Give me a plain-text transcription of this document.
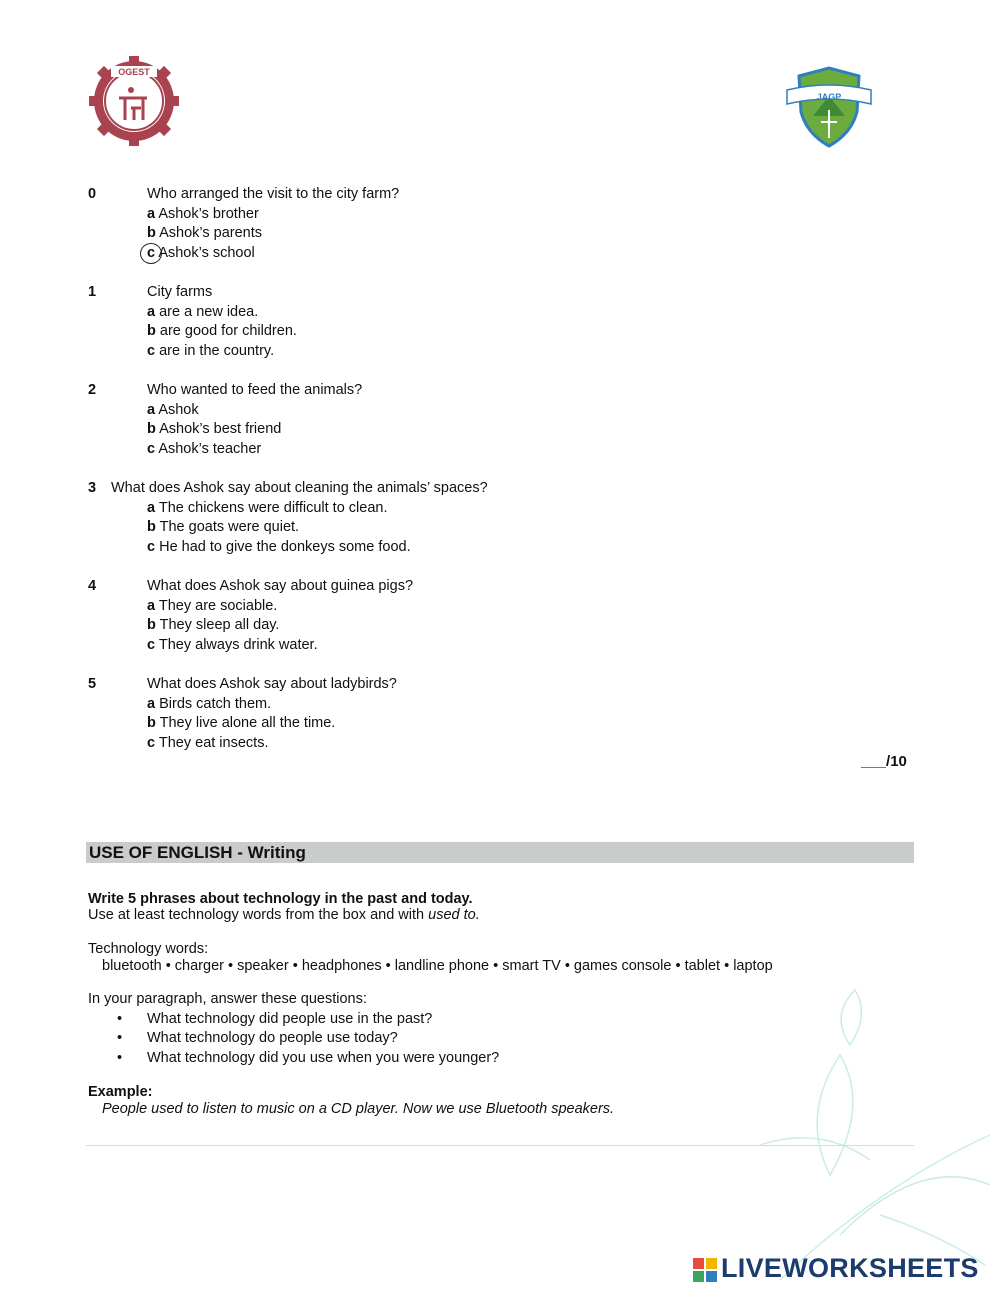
OGEST
JAGP
0	Who arranged the visit to the city farm?
a Ashok’s brother
b Ashok’s parents
c Ashok’s school
1	City farms
a are a new idea.
b are good for children.
c are in the country.
2	Who wanted to feed the animals?
a Ashok
b Ashok’s best friend
c Ashok’s teacher
3 What does Ashok say about cleaning the animals’ spaces?
a The chickens were difficult to clean.
b The goats were quiet.
c He had to give the donkeys some food.
4	What does Ashok say about guinea pigs?
a They are sociable.
b They sleep all day.
c They always drink water.
5	What does Ashok say about ladybirds?
a Birds catch them.
b They live alone all the time.
c They eat insects.
___/10
USE OF ENGLISH - Writing
Write 5 phrases about technology in the past and today.
Use at least technology words from the box and with used to.
Technology words:
bluetooth • charger • speaker • headphones • landline phone • smart TV • games console • tablet • laptop
In your paragraph, answer these questions:
• What technology did people use in the past?
• What technology do people use today?
• What technology did you use when you were younger?
Example:
People used to listen to music on a CD player. Now we use Bluetooth speakers.
LIVEWORKSHEETS
